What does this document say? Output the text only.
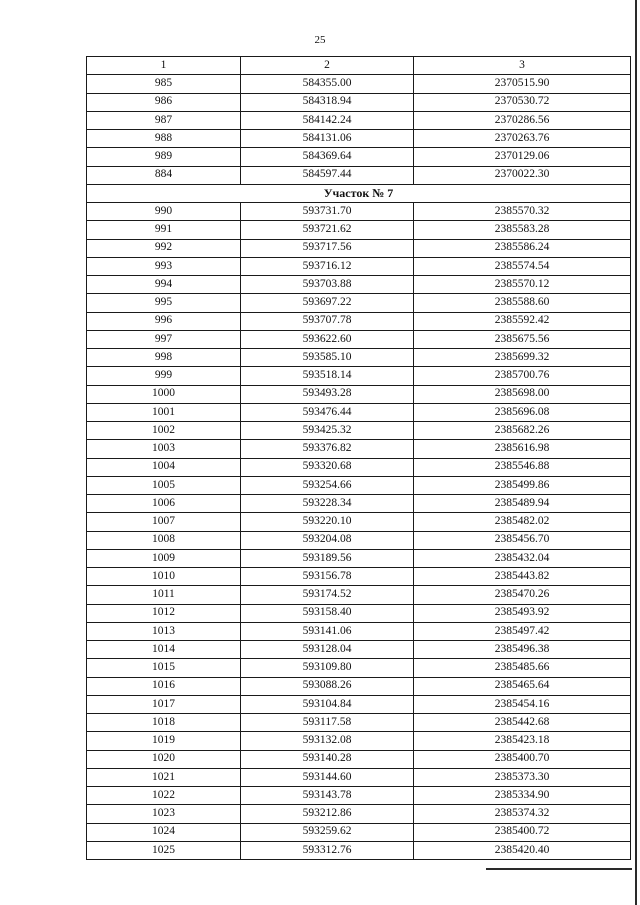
25
1	2	3
985	584355.00	2370515.90
986	584318.94	2370530.72
987	584142.24	2370286.56
988	584131.06	2370263.76
989	584369.64	2370129.06
884	584597.44	2370022.30
Участок № 7		
990	593731.70	2385570.32
991	593721.62	2385583.28
992	593717.56	2385586.24
993	593716.12	2385574.54
994	593703.88	2385570.12
995	593697.22	2385588.60
996	593707.78	2385592.42
997	593622.60	2385675.56
998	593585.10	2385699.32
999	593518.14	2385700.76
1000	593493.28	2385698.00
1001	593476.44	2385696.08
1002	593425.32	2385682.26
1003	593376.82	2385616.98
1004	593320.68	2385546.88
1005	593254.66	2385499.86
1006	593228.34	2385489.94
1007	593220.10	2385482.02
1008	593204.08	2385456.70
1009	593189.56	2385432.04
1010	593156.78	2385443.82
1011	593174.52	2385470.26
1012	593158.40	2385493.92
1013	593141.06	2385497.42
1014	593128.04	2385496.38
1015	593109.80	2385485.66
1016	593088.26	2385465.64
1017	593104.84	2385454.16
1018	593117.58	2385442.68
1019	593132.08	2385423.18
1020	593140.28	2385400.70
1021	593144.60	2385373.30
1022	593143.78	2385334.90
1023	593212.86	2385374.32
1024	593259.62	2385400.72
1025	593312.76	2385420.40
